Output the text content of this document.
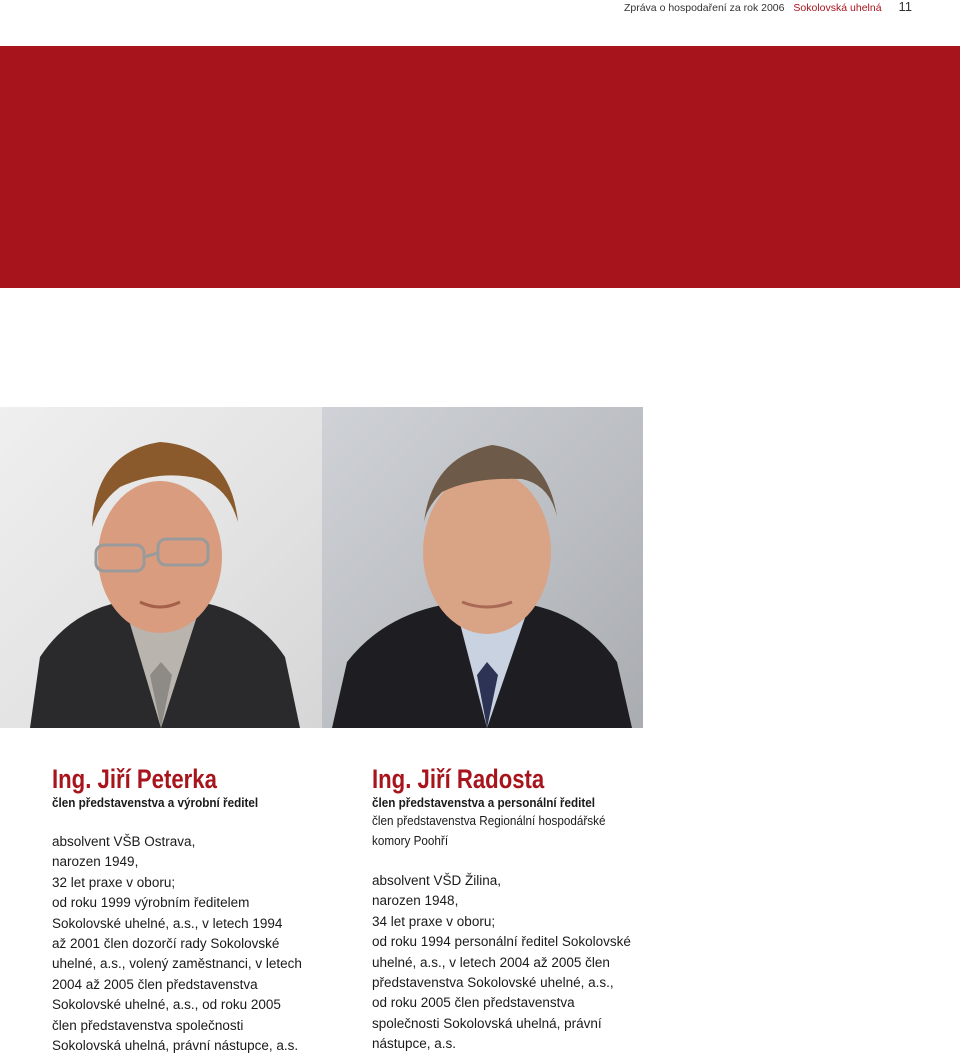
Zpráva o hospodaření za rok 2006 Sokolovská uhelná 11
Ing. Jiří Peterka
člen představenstva a výrobní ředitel
absolvent VŠB Ostrava,
narozen 1949,
32 let praxe v oboru;
od roku 1999 výrobním ředitelem
Sokolovské uhelné, a.s., v letech 1994
až 2001 člen dozorčí rady Sokolovské
uhelné, a.s., volený zaměstnanci, v letech
2004 až 2005 člen představenstva
Sokolovské uhelné, a.s., od roku 2005
člen představenstva společnosti
Sokolovská uhelná, právní nástupce, a.s.
Ing. Jiří Radosta
člen představenstva a personální ředitel
člen představenstva Regionální hospodářské
komory Poohří
absolvent VŠD Žilina,
narozen 1948,
34 let praxe v oboru;
od roku 1994 personální ředitel Sokolovské
uhelné, a.s., v letech 2004 až 2005 člen
představenstva Sokolovské uhelné, a.s.,
od roku 2005 člen představenstva
společnosti Sokolovská uhelná, právní
nástupce, a.s.
